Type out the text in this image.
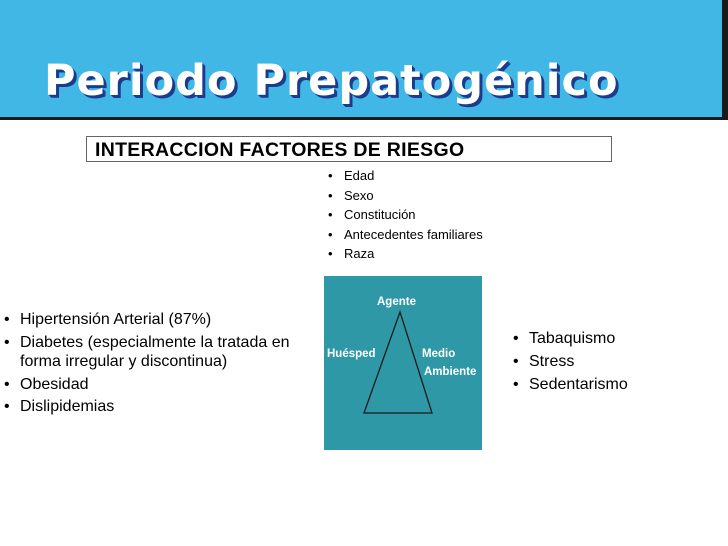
Periodo Prepatogénico
INTERACCION FACTORES DE RIESGO
• Edad
• Sexo
• Constitución
• Antecedentes familiares
• Raza
• Hipertensión Arterial (87%)
• Diabetes (especialmente la tratada en forma irregular y discontinua)
• Obesidad
• Dislipidemias
Agente
Huésped	Medio
Ambiente
• Tabaquismo
• Stress
• Sedentarismo
